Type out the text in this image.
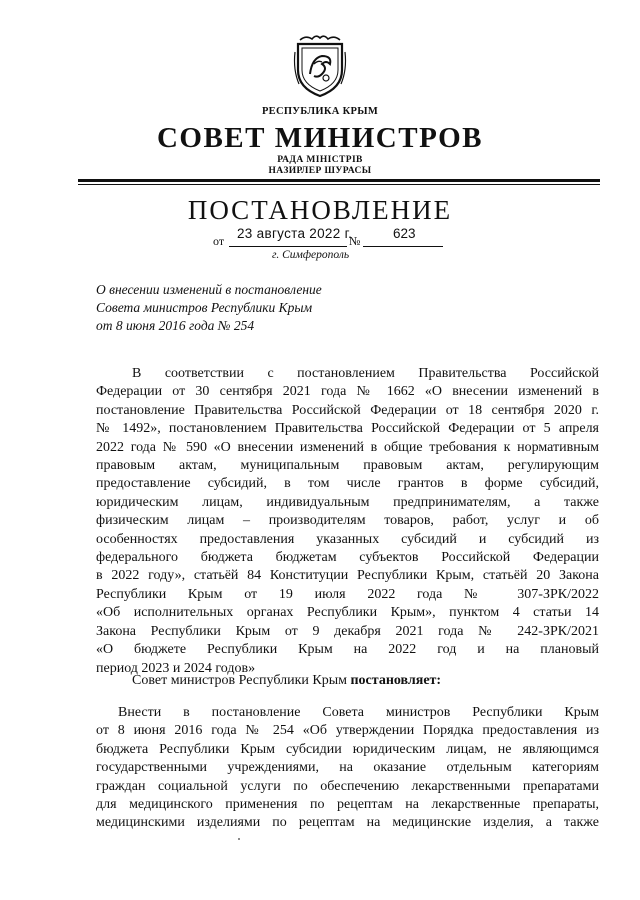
РЕСПУБЛИКА КРЫМ
СОВЕТ МИНИСТРОВ
РАДА МІНІСТРІВ
НАЗИРЛЕР ШУРАСЫ
ПОСТАНОВЛЕНИЕ
от 23 августа 2022 г.
№ 623
г. Симферополь
О внесении изменений в постановление
Совета министров Республики Крым
от 8 июня 2016 года № 254
В соответствии с постановлением Правительства Российской
Федерации от 30 сентября 2021 года № 1662 «О внесении изменений в
постановление Правительства Российской Федерации от 18 сентября 2020 г.
№ 1492», постановлением Правительства Российской Федерации от 5 апреля
2022 года № 590 «О внесении изменений в общие требования к нормативным
правовым актам, муниципальным правовым актам, регулирующим
предоставление субсидий, в том числе грантов в форме субсидий,
юридическим лицам, индивидуальным предпринимателям, а также
физическим лицам – производителям товаров, работ, услуг и об
особенностях предоставления указанных субсидий и субсидий из
федерального бюджета бюджетам субъектов Российской Федерации
в 2022 году», статьёй 84 Конституции Республики Крым, статьёй 20 Закона
Республики Крым от 19 июля 2022 года № 307-ЗРК/2022
«Об исполнительных органах Республики Крым», пунктом 4 статьи 14
Закона Республики Крым от 9 декабря 2021 года № 242-ЗРК/2021
«О бюджете Республики Крым на 2022 год и на плановый
период 2023 и 2024 годов»
Совет министров Республики Крым постановляет:
Внести в постановление Совета министров Республики Крым
от 8 июня 2016 года № 254 «Об утверждении Порядка предоставления из
бюджета Республики Крым субсидии юридическим лицам, не являющимся
государственными учреждениями, на оказание отдельным категориям
граждан социальной услуги по обеспечению лекарственными препаратами
для медицинского применения по рецептам на лекарственные препараты,
медицинскими изделиями по рецептам на медицинские изделия, а также
